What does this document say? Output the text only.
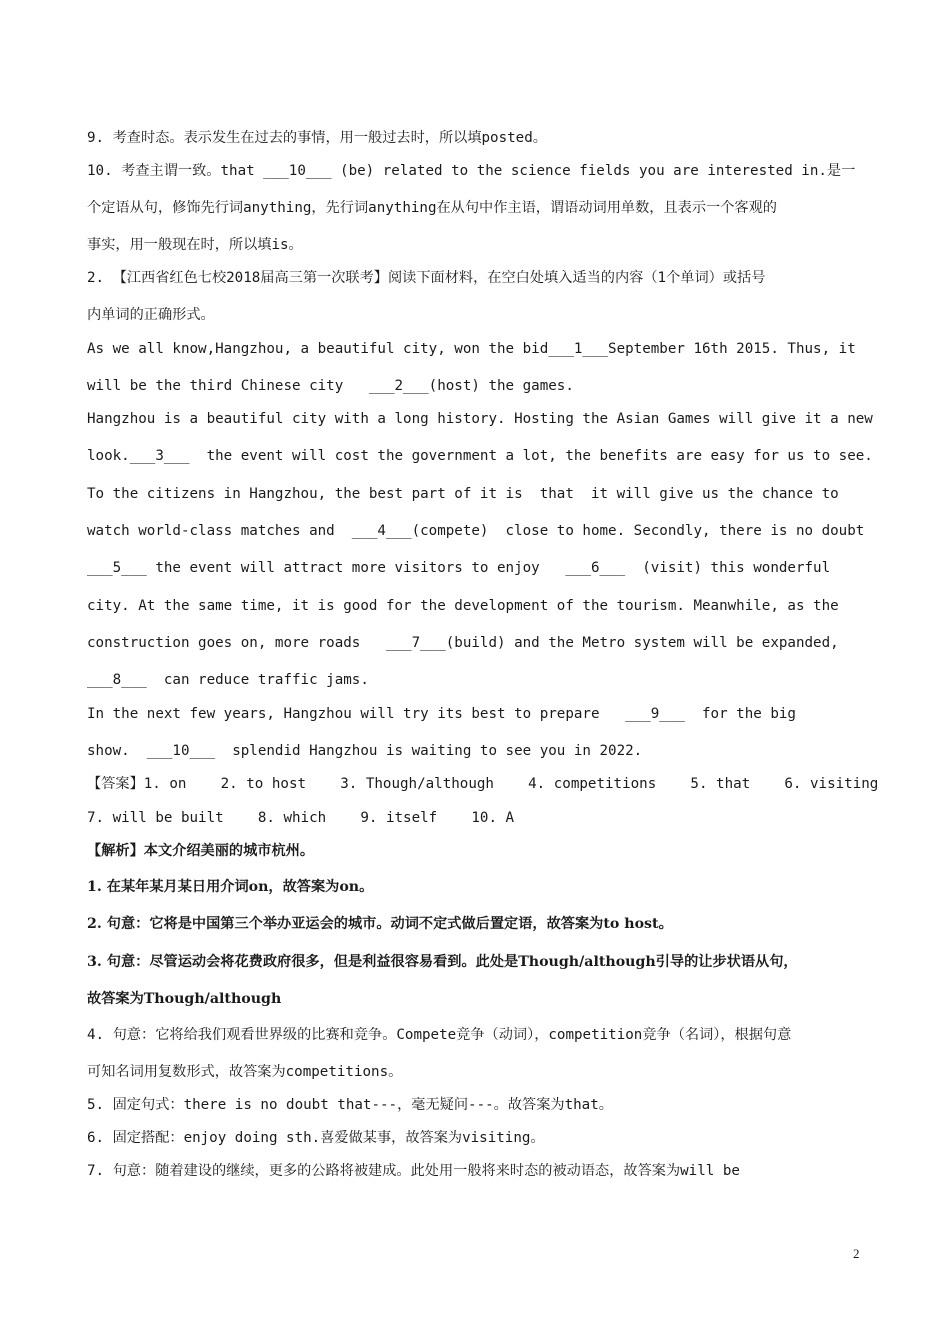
9. 考查时态。表示发生在过去的事情，用一般过去时，所以填posted。
10. 考查主谓一致。that ___10___ (be) related to the science fields you are interested in.是一
个定语从句，修饰先行词anything，先行词anything在从句中作主语，谓语动词用单数，且表示一个客观的
事实，用一般现在时，所以填is。
2. 【江西省红色七校2018届高三第一次联考】阅读下面材料，在空白处填入适当的内容（1个单词）或括号
内单词的正确形式。
As we all know,Hangzhou, a beautiful city, won the bid___1___September 16th 2015. Thus, it
will be the third Chinese city   ___2___(host) the games.
Hangzhou is a beautiful city with a long history. Hosting the Asian Games will give it a new
look.___3___  the event will cost the government a lot, the benefits are easy for us to see.
To the citizens in Hangzhou, the best part of it is  that  it will give us the chance to
watch world-class matches and  ___4___(compete)  close to home. Secondly, there is no doubt
___5___ the event will attract more visitors to enjoy   ___6___  (visit) this wonderful
city. At the same time, it is good for the development of the tourism. Meanwhile, as the
construction goes on, more roads   ___7___(build) and the Metro system will be expanded,
___8___  can reduce traffic jams.
In the next few years, Hangzhou will try its best to prepare   ___9___  for the big
show.  ___10___  splendid Hangzhou is waiting to see you in 2022.
【答案】1. on    2. to host    3. Though/although    4. competitions    5. that    6. visiting
7. will be built    8. which    9. itself    10. A
【解析】本文介绍美丽的城市杭州。
1. 在某年某月某日用介词on，故答案为on。
2. 句意：它将是中国第三个举办亚运会的城市。动词不定式做后置定语，故答案为to host。
3. 句意：尽管运动会将花费政府很多，但是利益很容易看到。此处是Though/although引导的让步状语从句，
故答案为Though/although
4. 句意：它将给我们观看世界级的比赛和竞争。Compete竞争（动词），competition竞争（名词），根据句意
可知名词用复数形式，故答案为competitions。
5. 固定句式：there is no doubt that---，毫无疑问---。故答案为that。
6. 固定搭配：enjoy doing sth.喜爱做某事，故答案为visiting。
7. 句意：随着建设的继续，更多的公路将被建成。此处用一般将来时态的被动语态，故答案为will be
2
